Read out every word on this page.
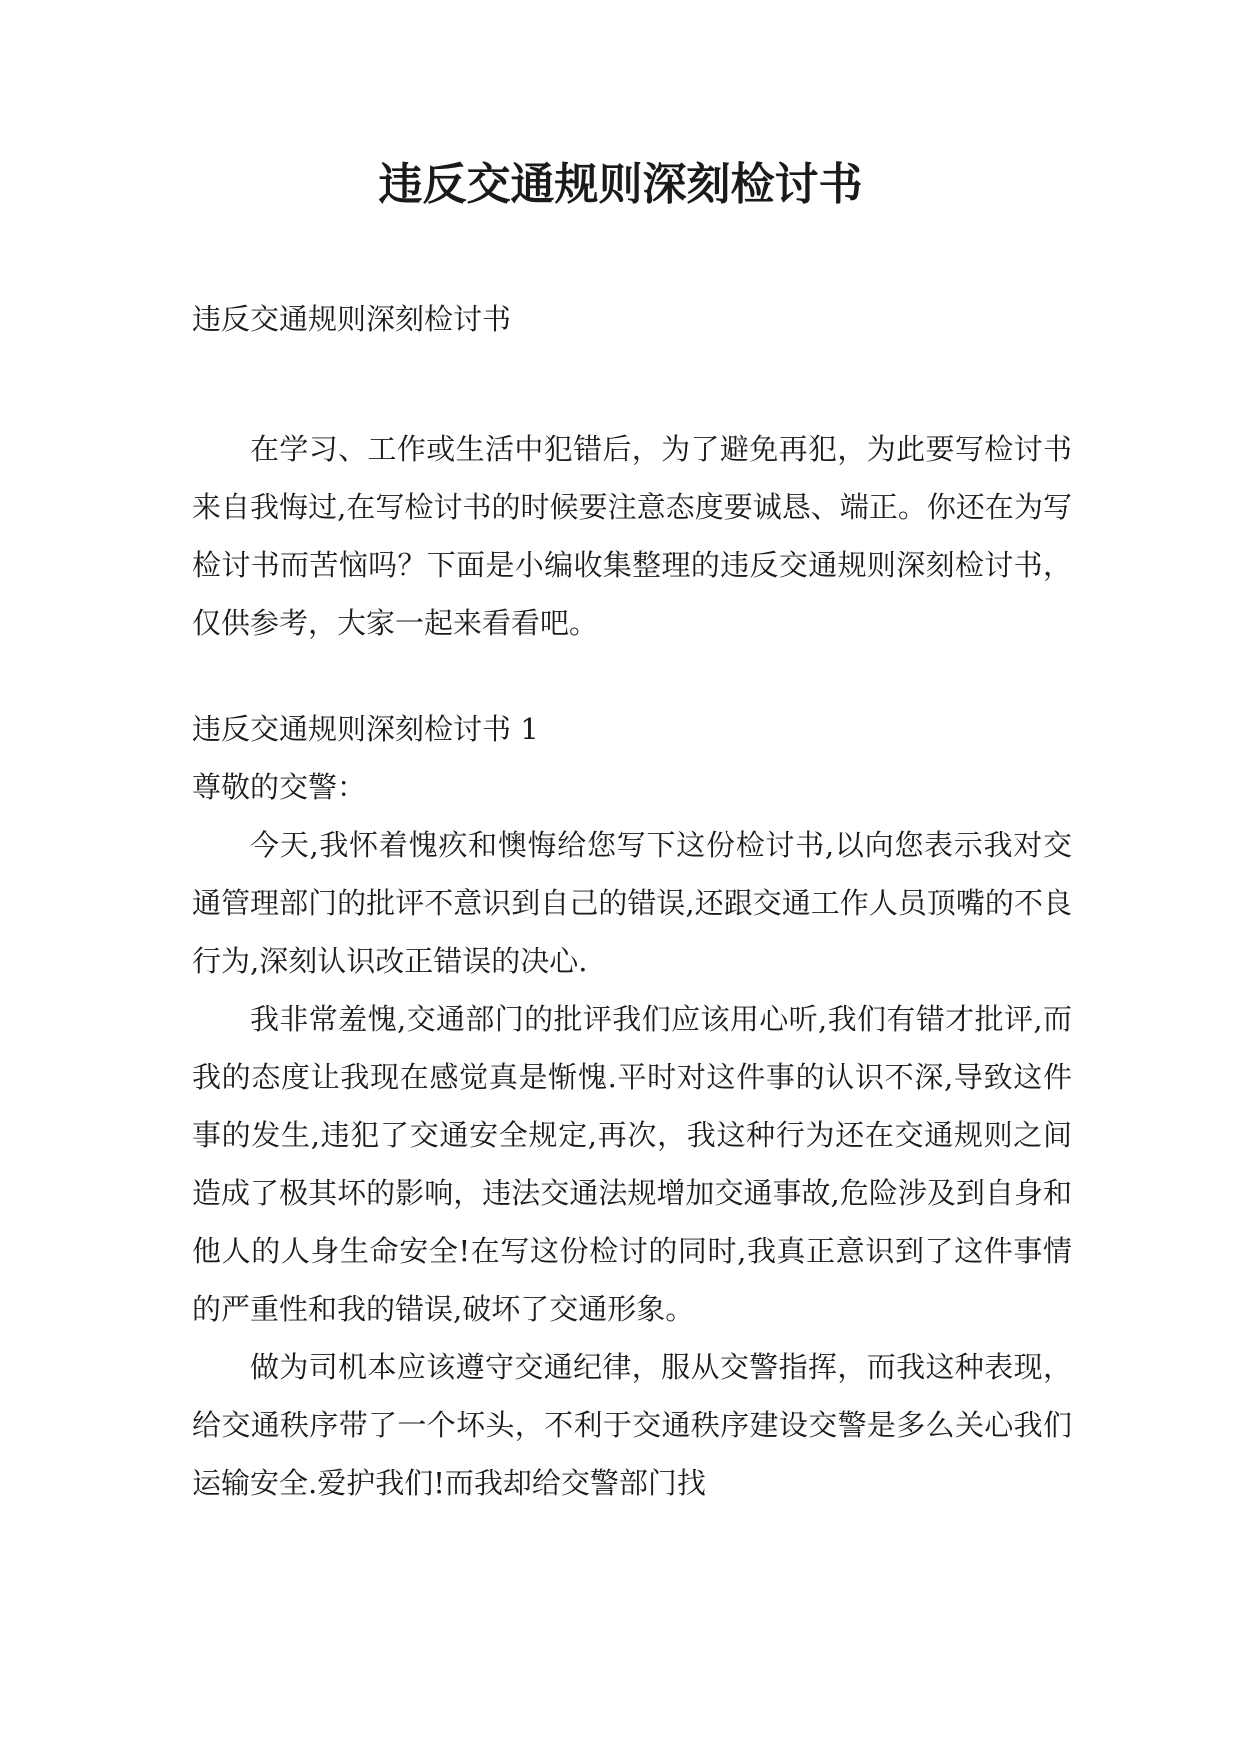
违反交通规则深刻检讨书

违反交通规则深刻检讨书

在学习、工作或生活中犯错后，为了避免再犯，为此要写检讨书来自我悔过,在写检讨书的时候要注意态度要诚恳、端正。你还在为写检讨书而苦恼吗？下面是小编收集整理的违反交通规则深刻检讨书，仅供参考，大家一起来看看吧。

违反交通规则深刻检讨书 1

尊敬的交警：

今天,我怀着愧疚和懊悔给您写下这份检讨书,以向您表示我对交通管理部门的批评不意识到自己的错误,还跟交通工作人员顶嘴的不良行为,深刻认识改正错误的决心.

我非常羞愧,交通部门的批评我们应该用心听,我们有错才批评,而我的态度让我现在感觉真是惭愧.平时对这件事的认识不深,导致这件事的发生,违犯了交通安全规定,再次，我这种行为还在交通规则之间造成了极其坏的影响，违法交通法规增加交通事故,危险涉及到自身和他人的人身生命安全!在写这份检讨的同时,我真正意识到了这件事情的严重性和我的错误,破坏了交通形象。

做为司机本应该遵守交通纪律，服从交警指挥，而我这种表现，给交通秩序带了一个坏头，不利于交通秩序建设交警是多么关心我们运输安全.爱护我们!而我却给交警部门找
